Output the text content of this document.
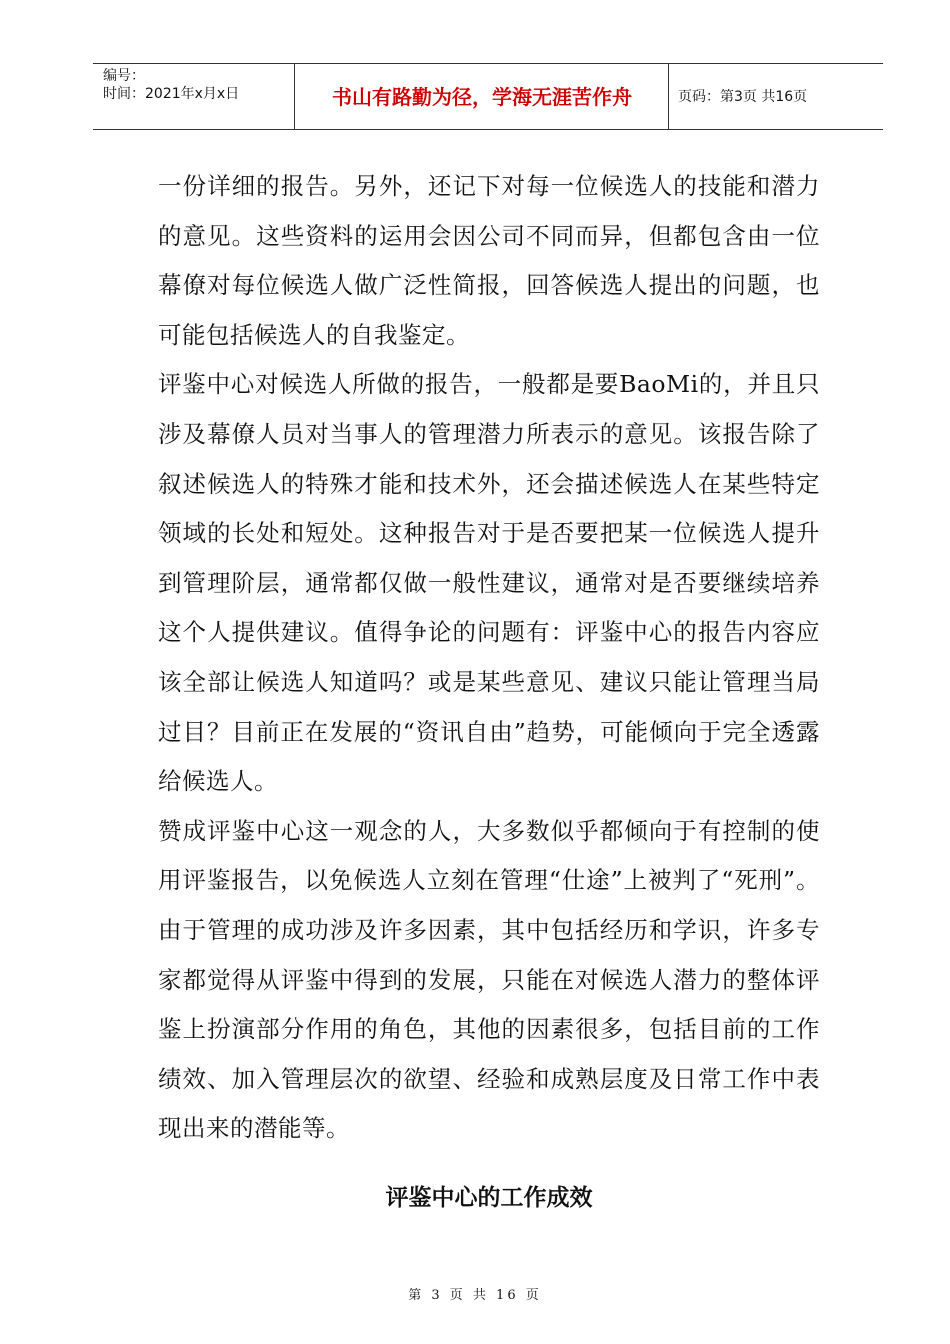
编号：
时间：2021年x月x日	书山有路勤为径，学海无涯苦作舟	页码：第3页 共16页

一份详细的报告。另外，还记下对每一位候选人的技能和潜力的意见。这些资料的运用会因公司不同而异，但都包含由一位幕僚对每位候选人做广泛性简报，回答候选人提出的问题，也可能包括候选人的自我鉴定。

评鉴中心对候选人所做的报告，一般都是要BaoMi的，并且只涉及幕僚人员对当事人的管理潜力所表示的意见。该报告除了叙述候选人的特殊才能和技术外，还会描述候选人在某些特定领域的长处和短处。这种报告对于是否要把某一位候选人提升到管理阶层，通常都仅做一般性建议，通常对是否要继续培养这个人提供建议。值得争论的问题有：评鉴中心的报告内容应该全部让候选人知道吗？或是某些意见、建议只能让管理当局过目？目前正在发展的“资讯自由”趋势，可能倾向于完全透露给候选人。

赞成评鉴中心这一观念的人，大多数似乎都倾向于有控制的使用评鉴报告，以免候选人立刻在管理“仕途”上被判了“死刑”。由于管理的成功涉及许多因素，其中包括经历和学识，许多专家都觉得从评鉴中得到的发展，只能在对候选人潜力的整体评鉴上扮演部分作用的角色，其他的因素很多，包括目前的工作绩效、加入管理层次的欲望、经验和成熟层度及日常工作中表现出来的潜能等。

评鉴中心的工作成效
第 3 页 共 16 页
